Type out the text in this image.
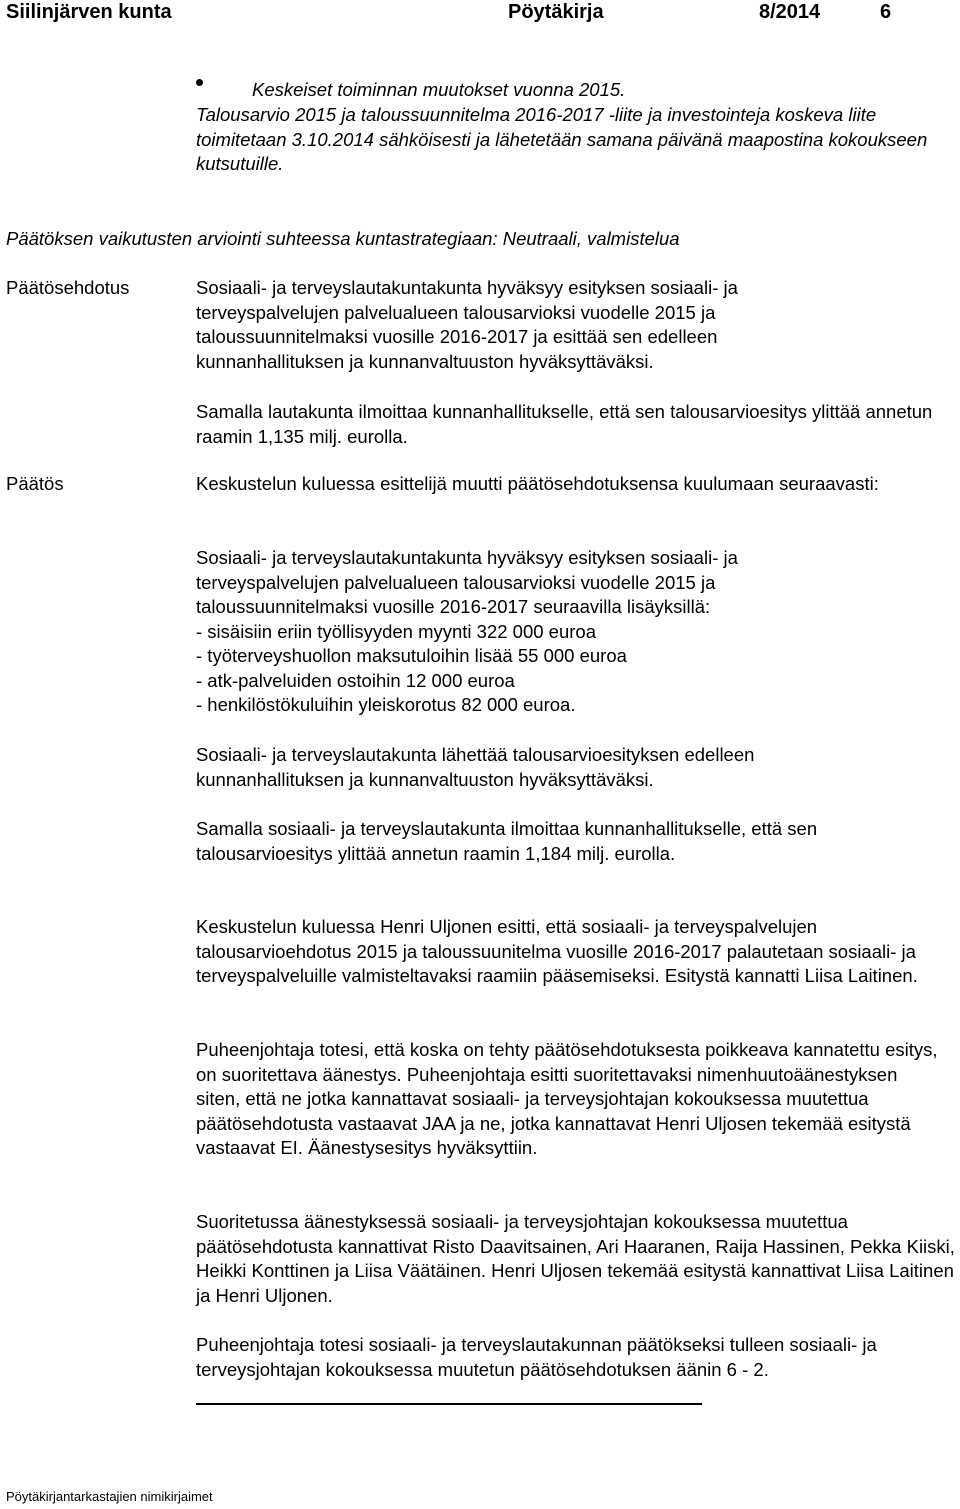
Siilinjärven kunta	Pöytäkirja	8/2014	6
Keskeiset toiminnan muutokset vuonna 2015.
Talousarvio 2015 ja taloussuunnitelma 2016-2017 -liite ja investointeja koskeva liite toimitetaan 3.10.2014 sähköisesti ja lähetetään samana päivänä maapostina kokoukseen kutsutuille.
Päätöksen vaikutusten arviointi suhteessa kuntastrategiaan: Neutraali, valmistelua
Päätösehdotus	Sosiaali- ja terveyslautakuntakunta hyväksyy esityksen sosiaali- ja terveyspalvelujen palvelualueen talousarvioksi vuodelle 2015 ja taloussuunnitelmaksi vuosille 2016-2017 ja esittää sen edelleen kunnanhallituksen ja kunnanvaltuuston hyväksyttäväksi.

Samalla lautakunta ilmoittaa kunnanhallitukselle, että sen talousarvioesitys ylittää annetun raamin 1,135 milj. eurolla.

Päätös	Keskustelun kuluessa esittelijä muutti päätösehdotuksensa kuulumaan seuraavasti:

Sosiaali- ja terveyslautakuntakunta hyväksyy esityksen sosiaali- ja

terveyspalvelujen palvelualueen talousarvioksi vuodelle 2015 ja

taloussuunnitelmaksi vuosille 2016-2017 seuraavilla lisäyksillä:

- sisäisiin eriin työllisyyden myynti 322 000 euroa

- työterveyshuollon maksutuloihin lisää 55 000 euroa

- atk-palveluiden ostoihin 12 000 euroa

- henkilöstökuluihin yleiskorotus 82 000 euroa.

Sosiaali- ja terveyslautakunta lähettää talousarvioesityksen edelleen kunnanhallituksen ja kunnanvaltuuston hyväksyttäväksi.
Samalla sosiaali- ja terveyslautakunta ilmoittaa kunnanhallitukselle, että sen talousarvioesitys ylittää annetun raamin 1,184 milj. eurolla.
Keskustelun kuluessa Henri Uljonen esitti, että sosiaali- ja terveyspalvelujen talousarvioehdotus 2015 ja taloussuunitelma vuosille 2016-2017 palautetaan sosiaali- ja terveyspalveluille valmisteltavaksi raamiin pääsemiseksi. Esitystä kannatti Liisa Laitinen.
Puheenjohtaja totesi, että koska on tehty päätösehdotuksesta poikkeava kannatettu esitys, on suoritettava äänestys. Puheenjohtaja esitti suoritettavaksi nimenhuutoäänestyksen siten, että ne jotka kannattavat sosiaali- ja terveysjohtajan kokouksessa muutettua päätösehdotusta vastaavat JAA ja ne, jotka kannattavat Henri Uljosen tekemää esitystä vastaavat EI. Äänestysesitys hyväksyttiin.
Suoritetussa äänestyksessä sosiaali- ja terveysjohtajan kokouksessa muutettua päätösehdotusta kannattivat Risto Daavitsainen, Ari Haaranen, Raija Hassinen, Pekka Kiiski, Heikki Konttinen ja Liisa Väätäinen. Henri Uljosen tekemää esitystä kannattivat Liisa Laitinen ja Henri Uljonen.
Puheenjohtaja totesi sosiaali- ja terveyslautakunnan päätökseksi tulleen sosiaali- ja terveysjohtajan kokouksessa muutetun päätösehdotuksen äänin 6 - 2.
Pöytäkirjantarkastajien nimikirjaimet
